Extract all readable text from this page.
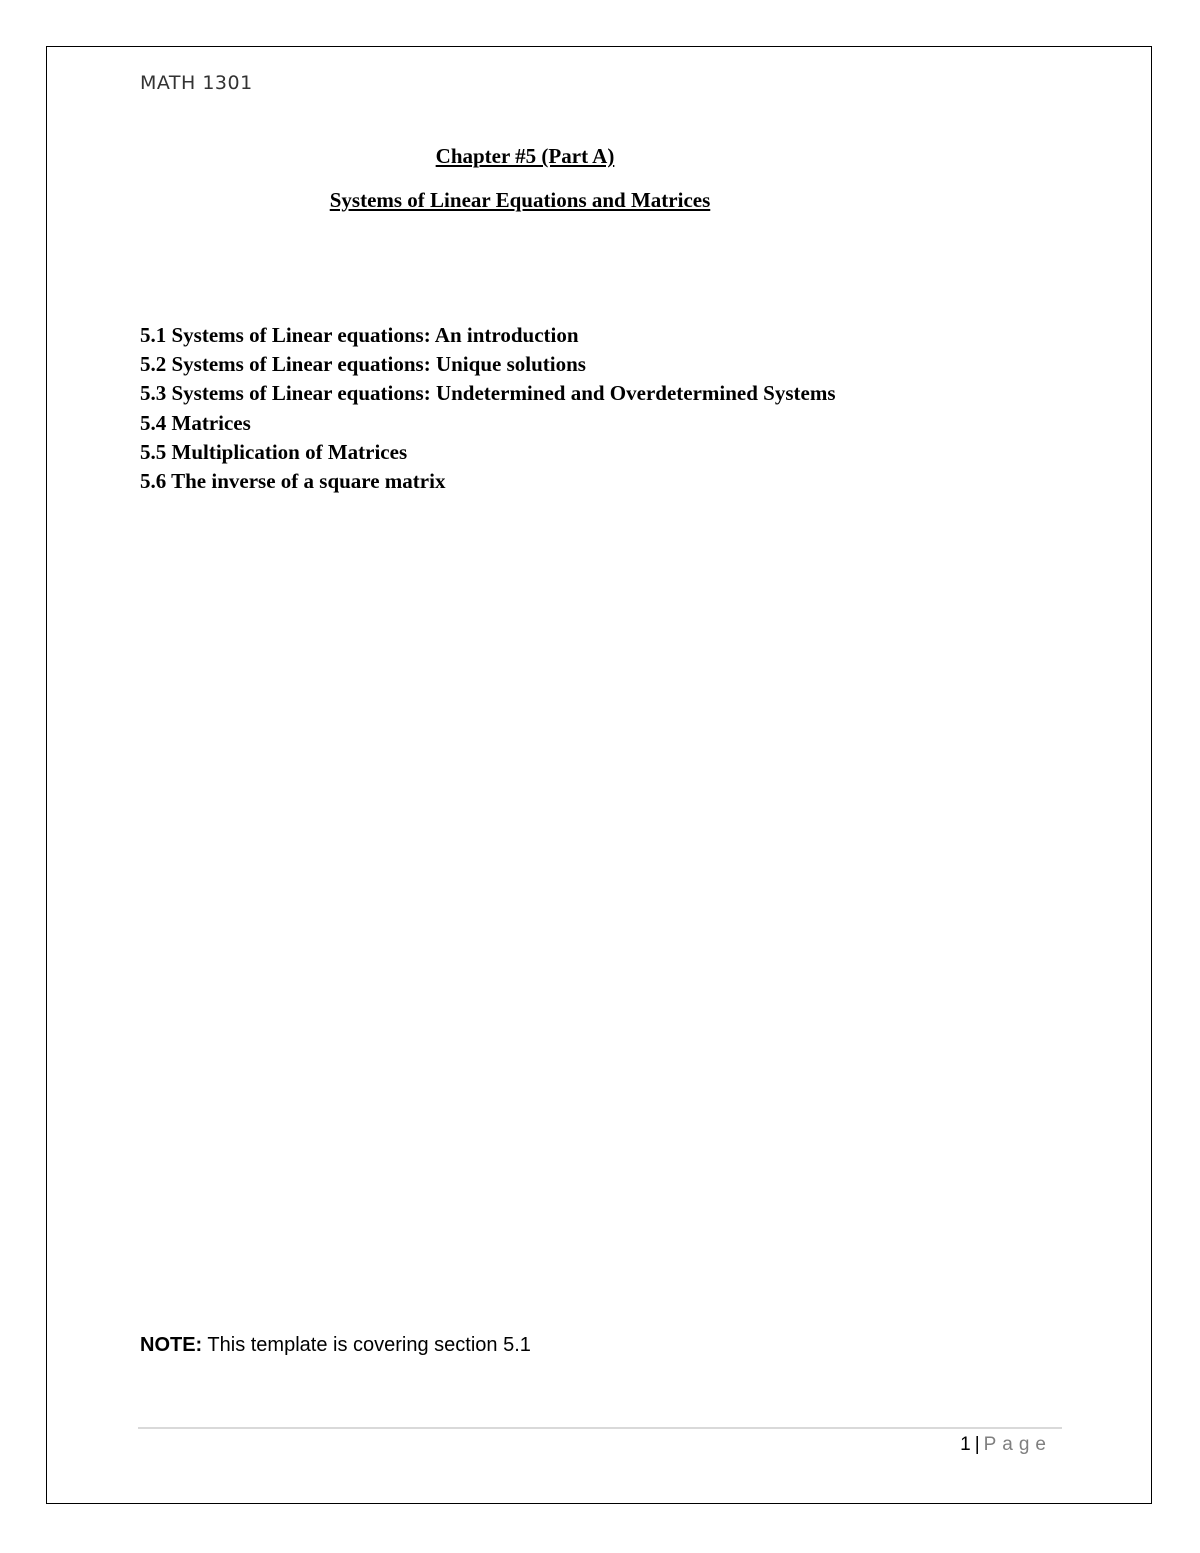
MATH 1301
Chapter #5 (Part A)
Systems of Linear Equations and Matrices
5.1 Systems of Linear equations: An introduction
5.2 Systems of Linear equations: Unique solutions
5.3 Systems of Linear equations: Undetermined and Overdetermined Systems
5.4 Matrices
5.5 Multiplication of Matrices
5.6 The inverse of a square matrix
NOTE: This template is covering section 5.1
1 | Page
